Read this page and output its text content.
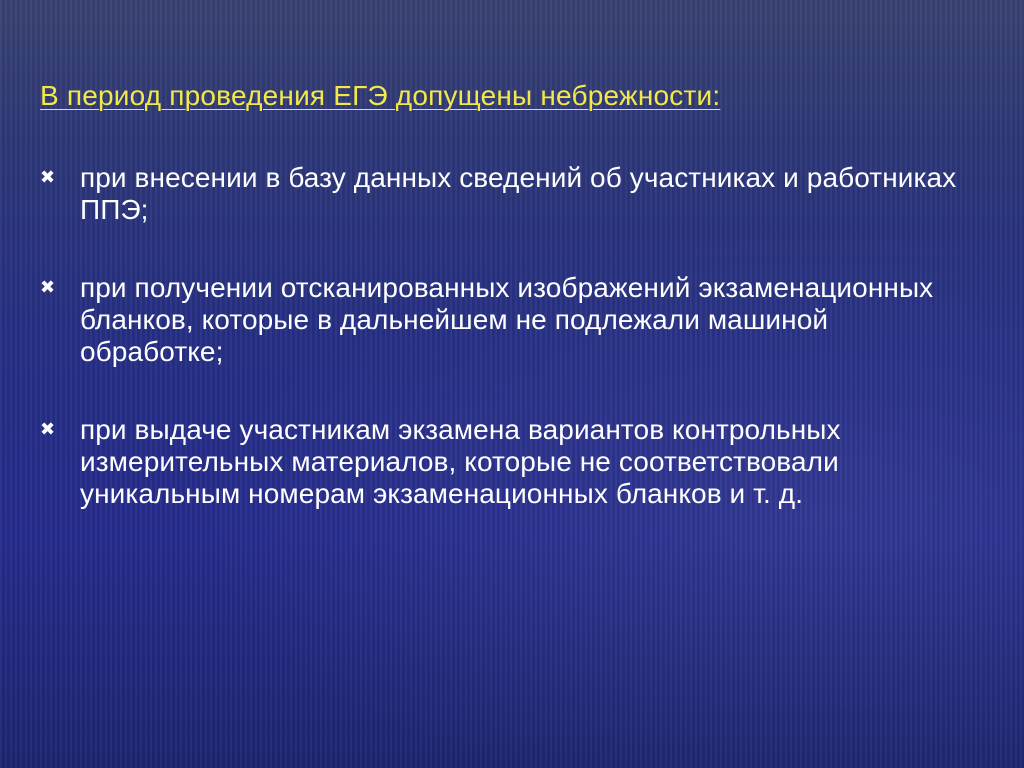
В период проведения ЕГЭ допущены небрежности:
✖ при внесении в базу данных сведений об участниках и работниках ППЭ;
✖ при получении отсканированных изображений экзаменационных бланков, которые в дальнейшем не подлежали машиной обработке;
✖ при выдаче участникам экзамена вариантов контрольных измерительных материалов, которые не соответствовали уникальным номерам экзаменационных бланков и т. д.
